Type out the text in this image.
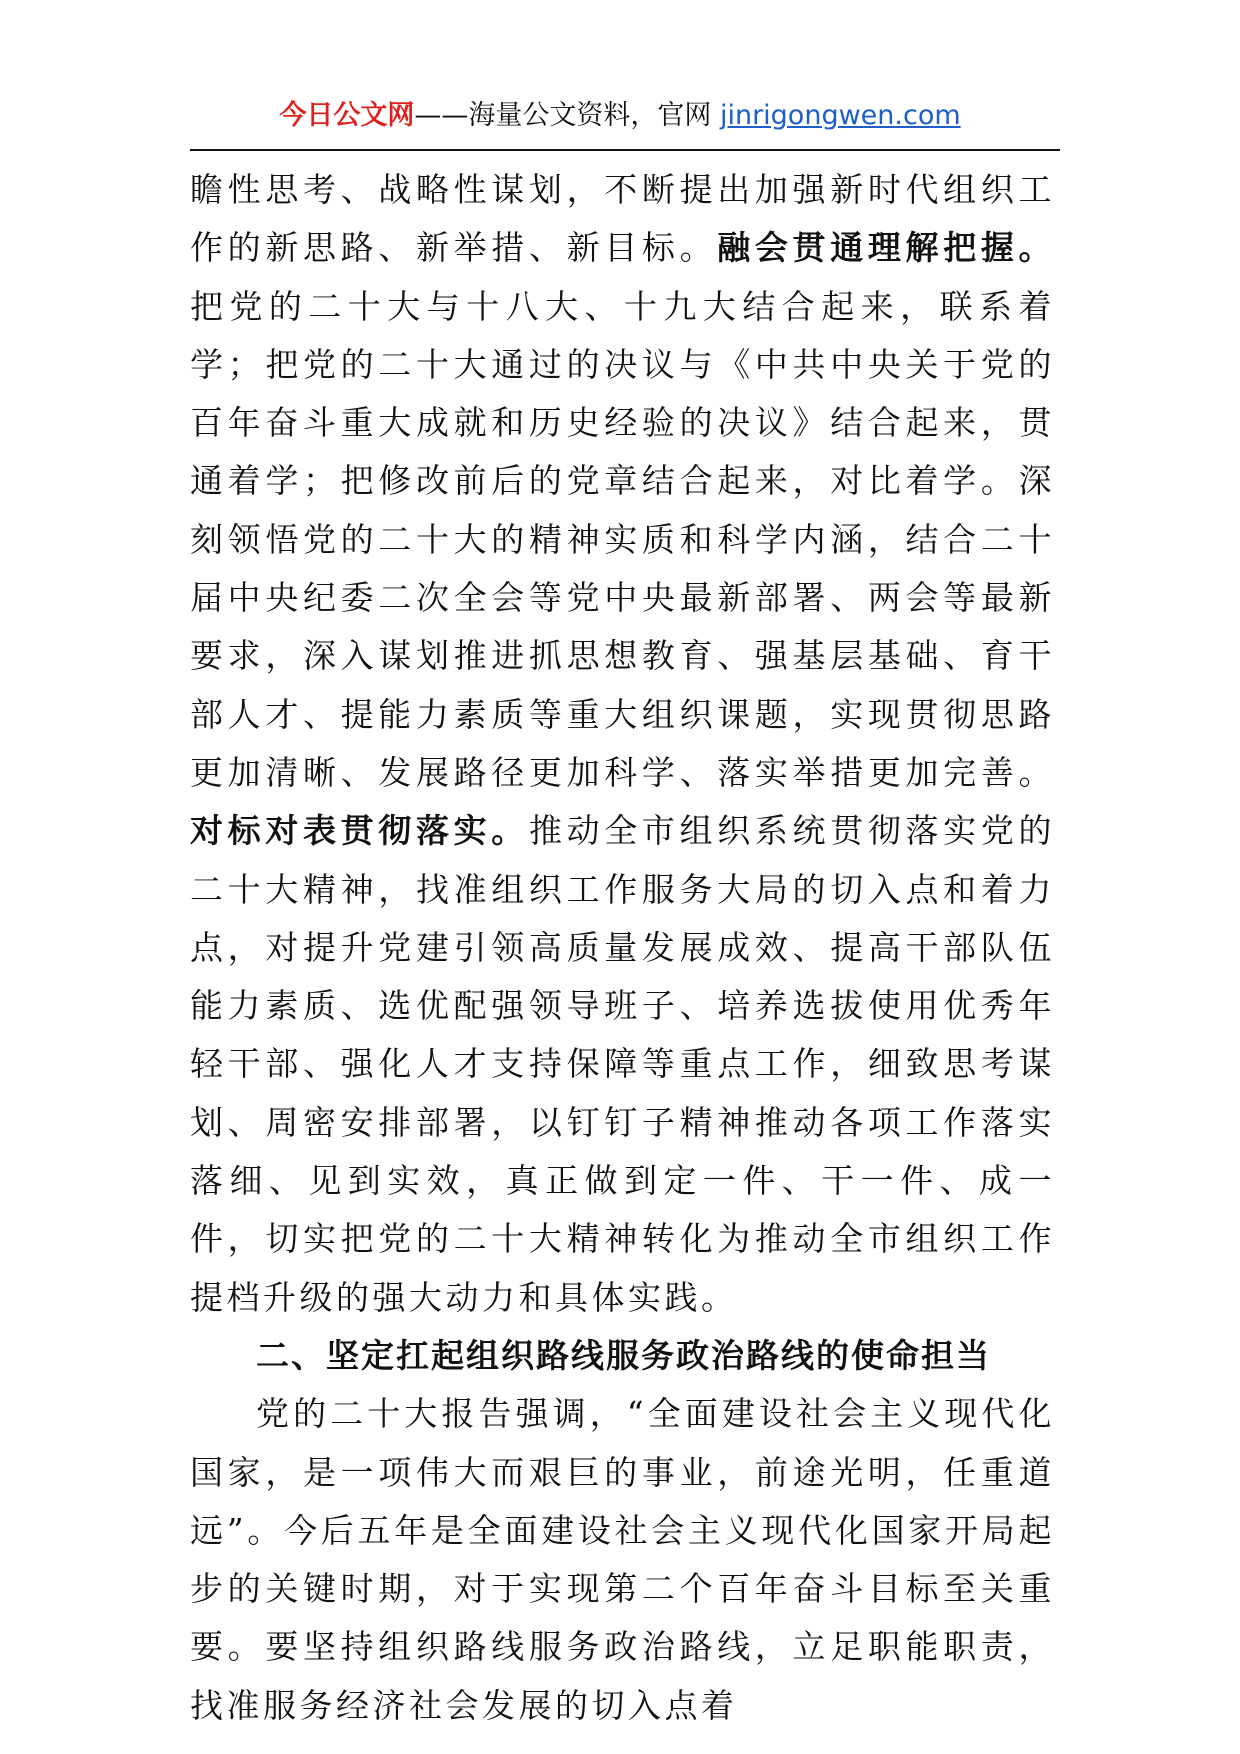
今日公文网——海量公文资料，官网 jinrigongwen.com

瞻性思考、战略性谋划，不断提出加强新时代组织工作的新思路、新举措、新目标。融会贯通理解把握。把党的二十大与十八大、十九大结合起来，联系着学；把党的二十大通过的决议与《中共中央关于党的百年奋斗重大成就和历史经验的决议》结合起来，贯通着学；把修改前后的党章结合起来，对比着学。深刻领悟党的二十大的精神实质和科学内涵，结合二十届中央纪委二次全会等党中央最新部署、两会等最新要求，深入谋划推进抓思想教育、强基层基础、育干部人才、提能力素质等重大组织课题，实现贯彻思路更加清晰、发展路径更加科学、落实举措更加完善。对标对表贯彻落实。推动全市组织系统贯彻落实党的二十大精神，找准组织工作服务大局的切入点和着力点，对提升党建引领高质量发展成效、提高干部队伍能力素质、选优配强领导班子、培养选拔使用优秀年轻干部、强化人才支持保障等重点工作，细致思考谋划、周密安排部署，以钉钉子精神推动各项工作落实落细、见到实效，真正做到定一件、干一件、成一件，切实把党的二十大精神转化为推动全市组织工作提档升级的强大动力和具体实践。

二、坚定扛起组织路线服务政治路线的使命担当

党的二十大报告强调，“全面建设社会主义现代化国家，是一项伟大而艰巨的事业，前途光明，任重道远”。今后五年是全面建设社会主义现代化国家开局起步的关键时期，对于实现第二个百年奋斗目标至关重要。要坚持组织路线服务政治路线，立足职能职责，找准服务经济社会发展的切入点着
